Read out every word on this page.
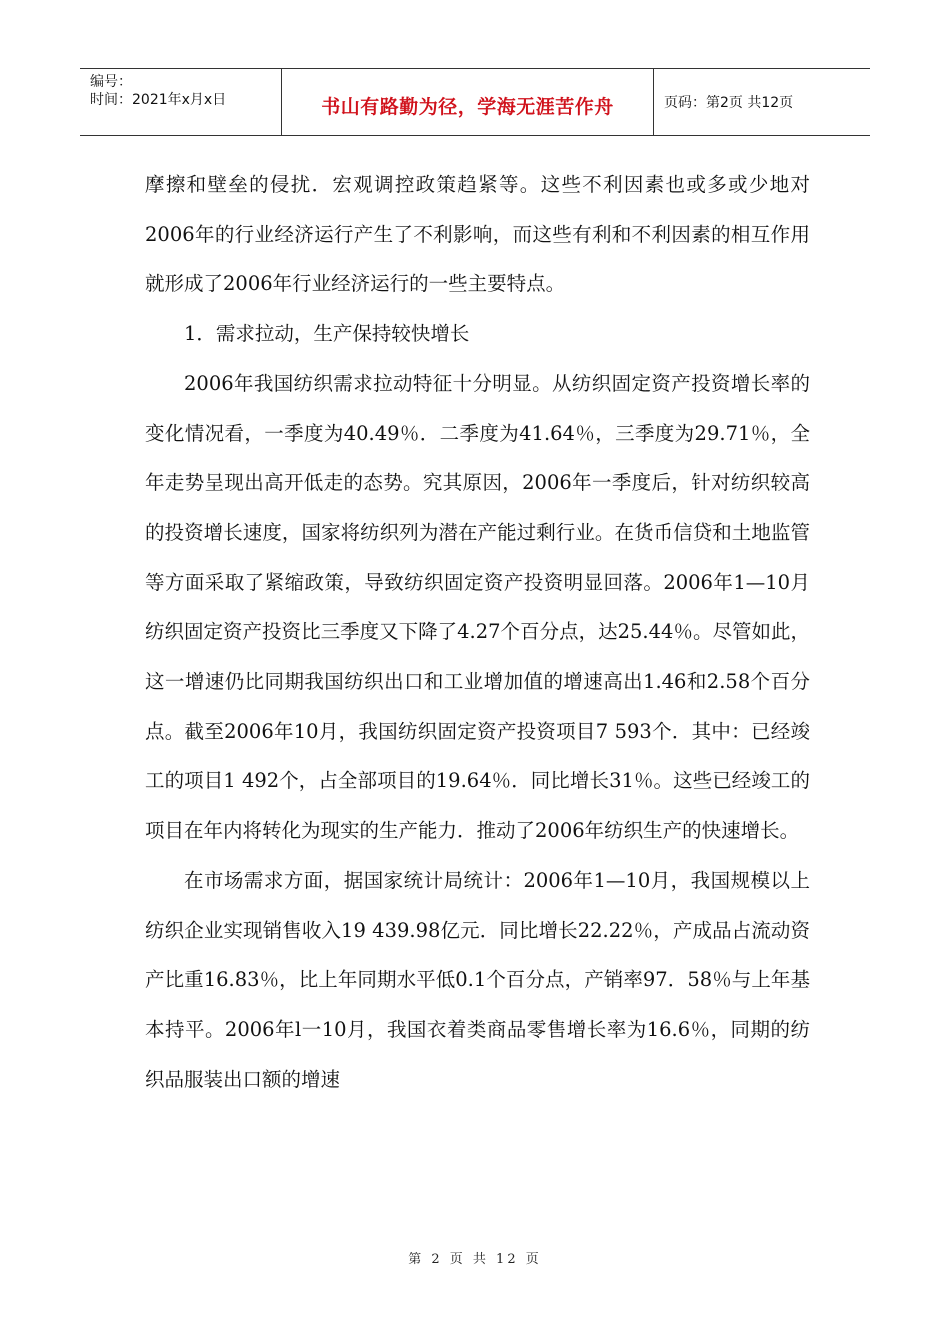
编号：
时间：2021年x月x日	书山有路勤为径，学海无涯苦作舟	页码：第2页 共12页

摩擦和壁垒的侵扰．宏观调控政策趋紧等。这些不利因素也或多或少地对2006年的行业经济运行产生了不利影响，而这些有利和不利因素的相互作用就形成了2006年行业经济运行的一些主要特点。

1．需求拉动，生产保持较快增长

2006年我国纺织需求拉动特征十分明显。从纺织固定资产投资增长率的变化情况看，一季度为40.49％．二季度为41.64％，三季度为29.71％，全年走势呈现出高开低走的态势。究其原因，2006年一季度后，针对纺织较高的投资增长速度，国家将纺织列为潜在产能过剩行业。在货币信贷和土地监管等方面采取了紧缩政策，导致纺织固定资产投资明显回落。2006年1—10月纺织固定资产投资比三季度又下降了4.27个百分点，达25.44％。尽管如此，这一增速仍比同期我国纺织出口和工业增加值的增速高出1.46和2.58个百分点。截至2006年10月，我国纺织固定资产投资项目7 593个．其中：已经竣工的项目1 492个，占全部项目的19.64％．同比增长31％。这些已经竣工的项目在年内将转化为现实的生产能力．推动了2006年纺织生产的快速增长。

在市场需求方面，据国家统计局统计：2006年1—10月，我国规模以上纺织企业实现销售收入19 439.98亿元．同比增长22.22％，产成品占流动资产比重16.83％，比上年同期水平低0.1个百分点，产销率97．58％与上年基本持平。2006年l一10月，我国衣着类商品零售增长率为16.6％，同期的纺织品服装出口额的增速

第 2 页 共 12 页
